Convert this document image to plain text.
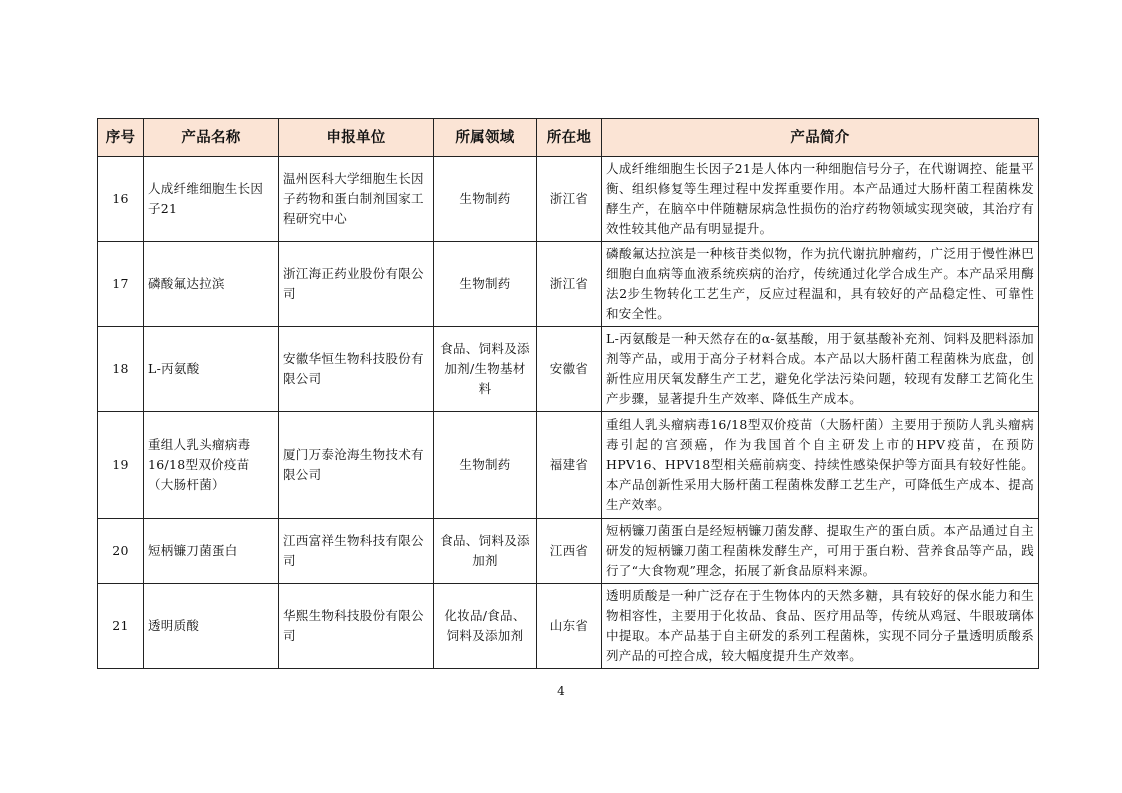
序号	产品名称	申报单位	所属领域	所在地	产品简介
16	人成纤维细胞生长因子21	温州医科大学细胞生长因子药物和蛋白制剂国家工程研究中心	生物制药	浙江省	人成纤维细胞生长因子21是人体内一种细胞信号分子，在代谢调控、能量平衡、组织修复等生理过程中发挥重要作用。本产品通过大肠杆菌工程菌株发酵生产，在脑卒中伴随糖尿病急性损伤的治疗药物领域实现突破，其治疗有效性较其他产品有明显提升。
17	磷酸氟达拉滨	浙江海正药业股份有限公司	生物制药	浙江省	磷酸氟达拉滨是一种核苷类似物，作为抗代谢抗肿瘤药，广泛用于慢性淋巴细胞白血病等血液系统疾病的治疗，传统通过化学合成生产。本产品采用酶法2步生物转化工艺生产，反应过程温和，具有较好的产品稳定性、可靠性和安全性。
18	L-丙氨酸	安徽华恒生物科技股份有限公司	食品、饲料及添加剂/生物基材料	安徽省	L-丙氨酸是一种天然存在的α-氨基酸，用于氨基酸补充剂、饲料及肥料添加剂等产品，或用于高分子材料合成。本产品以大肠杆菌工程菌株为底盘，创新性应用厌氧发酵生产工艺，避免化学法污染问题，较现有发酵工艺简化生产步骤，显著提升生产效率、降低生产成本。
19	重组人乳头瘤病毒16/18型双价疫苗（大肠杆菌）	厦门万泰沧海生物技术有限公司	生物制药	福建省	重组人乳头瘤病毒16/18型双价疫苗（大肠杆菌）主要用于预防人乳头瘤病毒引起的宫颈癌，作为我国首个自主研发上市的HPV疫苗，在预防HPV16、HPV18型相关癌前病变、持续性感染保护等方面具有较好性能。本产品创新性采用大肠杆菌工程菌株发酵工艺生产，可降低生产成本、提高生产效率。
20	短柄镰刀菌蛋白	江西富祥生物科技有限公司	食品、饲料及添加剂	江西省	短柄镰刀菌蛋白是经短柄镰刀菌发酵、提取生产的蛋白质。本产品通过自主研发的短柄镰刀菌工程菌株发酵生产，可用于蛋白粉、营养食品等产品，践行了“大食物观”理念，拓展了新食品原料来源。
21	透明质酸	华熙生物科技股份有限公司	化妆品/食品、饲料及添加剂	山东省	透明质酸是一种广泛存在于生物体内的天然多糖，具有较好的保水能力和生物相容性，主要用于化妆品、食品、医疗用品等，传统从鸡冠、牛眼玻璃体中提取。本产品基于自主研发的系列工程菌株，实现不同分子量透明质酸系列产品的可控合成，较大幅度提升生产效率。
4
